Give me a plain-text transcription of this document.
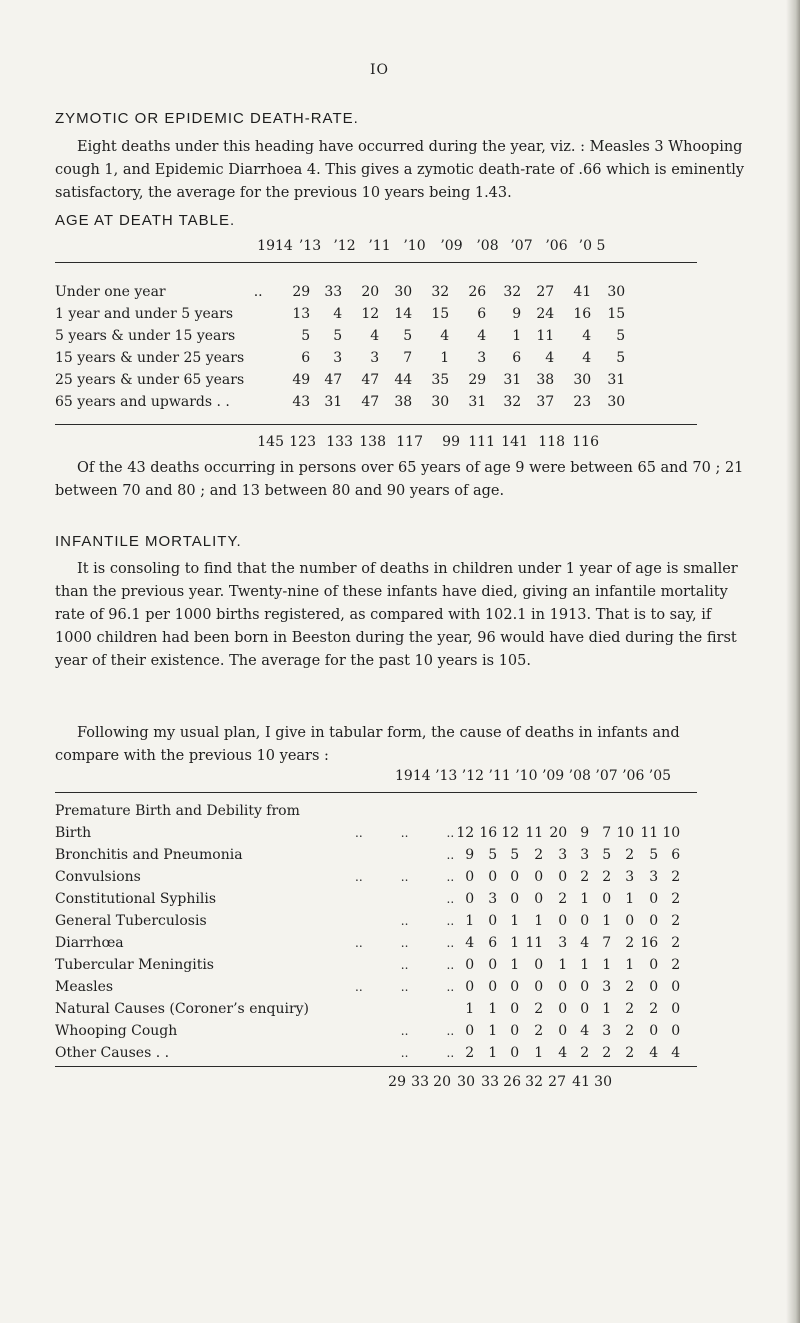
IO
ZYMOTIC OR EPIDEMIC DEATH-RATE.

Eight deaths under this heading have occurred during the year, viz. : Measles 3 Whooping cough 1, and Epidemic Diarrhoea 4. This gives a zymotic death-rate of .66 which is eminently satisfactory, the average for the previous 10 years being 1.43.

AGE AT DEATH TABLE.
1914 ’13 ’12 ’11 ’10	’09 ’08 ’07 ’06 ’0 5
Under one year	..	29	33	20	30	32	26	32	27	41	30
1 year and under 5 years		13	4	12	14	15	6	9	24	16	15
5 years & under 15 years		5	5	4	5	4	4	1	11	4	5
15 years & under 25 years		6	3	3	7	1	3	6	4	4	5
25 years & under 65 years		49	47	47	44	35	29	31	38	30	31
65 years and upwards . .		43	31	47	38	30	31	32	37	23	30
145 123 133 138 117	99 111 141 118 116

Of the 43 deaths occurring in persons over 65 years of age 9 were between 65 and 70 ; 21 between 70 and 80 ; and 13 between 80 and 90 years of age.

INFANTILE MORTALITY.

It is consoling to find that the number of deaths in children under 1 year of age is smaller than the previous year. Twenty-nine of these infants have died, giving an infantile mortality rate of 96.1 per 1000 births registered, as compared with 102.1 in 1913. That is to say, if 1000 children had been born in Beeston during the year, 96 would have died during the first year of their existence. The average for the past 10 years is 105.

Following my usual plan, I give in tabular form, the cause of deaths in infants and compare with the previous 10 years :

1914 ’13 ’12 ’11 ’10 ’09 ’08 ’07 ’06 ’05
Premature Birth and Debility from											
Birth	..          ..          ..	12	16	12	11	20	9	7	10	11	10
Bronchitis and Pneumonia	..	9	5	5	2	3	3	5	2	5	6
Convulsions	..          ..          ..	0	0	0	0	0	2	2	3	3	2
Constitutional Syphilis	..	0	3	0	0	2	1	0	1	0	2
General Tuberculosis	..          ..	1	0	1	1	0	0	1	0	0	2
Diarrhœa	..          ..          ..	4	6	1	11	3	4	7	2	16	2
Tubercular Meningitis	..          ..	0	0	1	0	1	1	1	1	0	2
Measles	..          ..          ..	0	0	0	0	0	0	3	2	0	0
Natural Causes (Coroner’s enquiry)		1	1	0	2	0	0	1	2	2	0
Whooping Cough	..          ..	0	1	0	2	0	4	3	2	0	0
Other Causes . .	..          ..	2	1	0	1	4	2	2	2	4	4
29 33 20 30 33 26 32 27 41 30
